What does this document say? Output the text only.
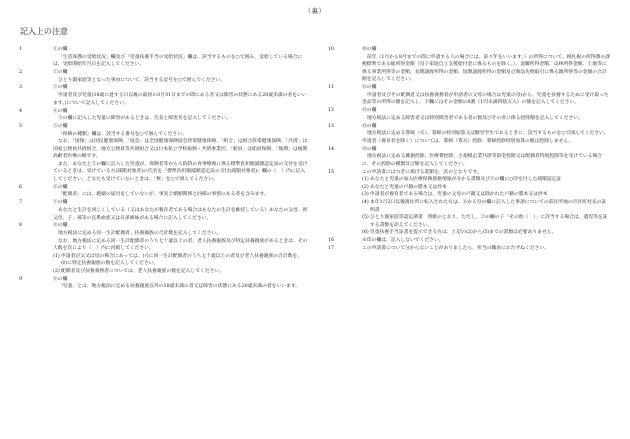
（裏）
記入上の注意
1	①の欄
「生活保護の受給状況」欄及び「児童扶養手当の受給状況」欄は、該当するものを○で囲み、受給している場合には、受給開始年月日を記入してください。
2	②の欄
ひとり親家庭等となった事由について、該当する記号を○で囲んでください。
3	③の欄
申請者及び児童(18歳に達する日以後の最初の3月31日までの間にある者又は障害の状態にある20歳未満の者をいいます。)について記入してください。
4	④の欄
③の欄に記入した児童に障害があるときは、氏名と障害名を記入してください。
5	⑤の欄
「保険の種類」欄は、該当する番号を○で囲んでください。
なお、「国保」は国民健康保険、「協会」は全国健康保険協会管掌健康保険、「組合」は組合管掌健康保険、「共済」は国家公務員共済組合、地方公務員等共済組合又は日本私立学校振興・共済事業団、「船員」は船員保険、「後期」は後期高齢者医療の略です。
また、あなたと②の欄に記入した児童が、保険者等から入院時の食事療養に係る標準負担額減額認定証の交付を受けているときは、受けている方(減額対象者)の氏名を「標準負担額減額認定証の交付(減額対象者)」欄の（　）内に記入してください。どなたも受けていないときは、「無」を○で囲んでください。
6	⑥の欄
「配偶者」には、婚姻の届出をしていないが、事実上婚姻関係と同様の事情にある者を含みます。
7	⑦の欄
あなたと生計を同じくしている（又はあなたが養育者である場合はあなたの生計を維持している）あなたの父母、祖父母、子、孫等の直系血族又は兄弟姉妹がある場合に記入してください。
8	⑧の欄
地方税法に定める同一生計配偶者、扶養親族の合計数を記入してください。
なお、地方税法に定める同一生計配偶者のうち七十歳以上の者、老人扶養親族及び特定扶養親族があるときは、その人数を次により（　）内に再掲してください。
(1) 申請者が父又は母の場合にあっては、(ｲ)に同一生計配偶者のうち七十歳以上の者及び老人扶養親族の合計数を、(ﾛ)に特定扶養親族の数を記入してください。
(2) 配偶者及び扶養義務者については、老人扶養親族の数を記入してください。
9	⑨の欄
「児童」とは、地方税法に定める扶養親族以外の18歳未満の者又は障害の状態にある20歳未満の者をいいます。
10	⑩の欄
前年（1月から8月までの間に申請する人の場合には、前々年をいいます。）の所得について、税札税の所得割の課税標準である総所得金額（母子家庭自立支援給付金に係るものを除く。）、退職所得金額、山林所得金額、土地等に係る事業所得等の金額、長期譲渡所得の金額、短期譲渡所得の金額及び商品先物取引に係る雑所得等の金額の合計額を記入してください。
11	⑪の欄
申請者及びその配偶者又は扶養義務者が申請者の父母の場合は児童の母)から、児童を扶養するために受け取った金品等の所得の額を記入し、下欄にはその金額の8割（1円未満四捨五入）の額を記入してください。
12	⑫の欄
地方税法に定める障害者又は特別障害者である者の数及びその者に係る控除額を記入してください。
13	⑬の欄
地方税法に定める寡婦（夫）、寡婦の特別加算又は勤労学生であるときに、該当するものを○で囲んでください。申請者（養育者を除く）については、寡婦（寡夫）控除、寡婦控除特別加算の額は控除しません。
14	⑭の欄
地方税法に定める雑損控除、医療費控除、小規模企業共済等掛金控除又は配偶者特別控除等を受けている場合に、その控除の種類及び額を記入してください。
15	この申請書にはつぎに掲げる書類を、次のとおりです。
(1) あなたと児童の加入医療保険資格情報が分かる書類及び⑤の欄に○印を付した減額認定証
(2) あなたと児童の戸籍の謄本又は抄本
(3) 申請者が養育者である場合は、児童の父母の戸籍又は除かれた戸籍の謄本又は抄本
(4) 本年1月2日以後現住所に転入された方は、⑥から⑬の欄に記入した事項についての前住所地の市区町村長の証明書
(5) ひとり親家庭等認定調書　別紙のとおり。ただし、②の欄の子「その他（　）」に該当する場合は、遺児等を証する書類を添えてください。
(6) 児童扶養手当証書を提示できる方は、上記の(2)から(5)までの書類は必要ありません。
16	※印の欄は、記入しないでください。
17	この申請書について分からないことがありましたら、担当の職員におたずねください。
